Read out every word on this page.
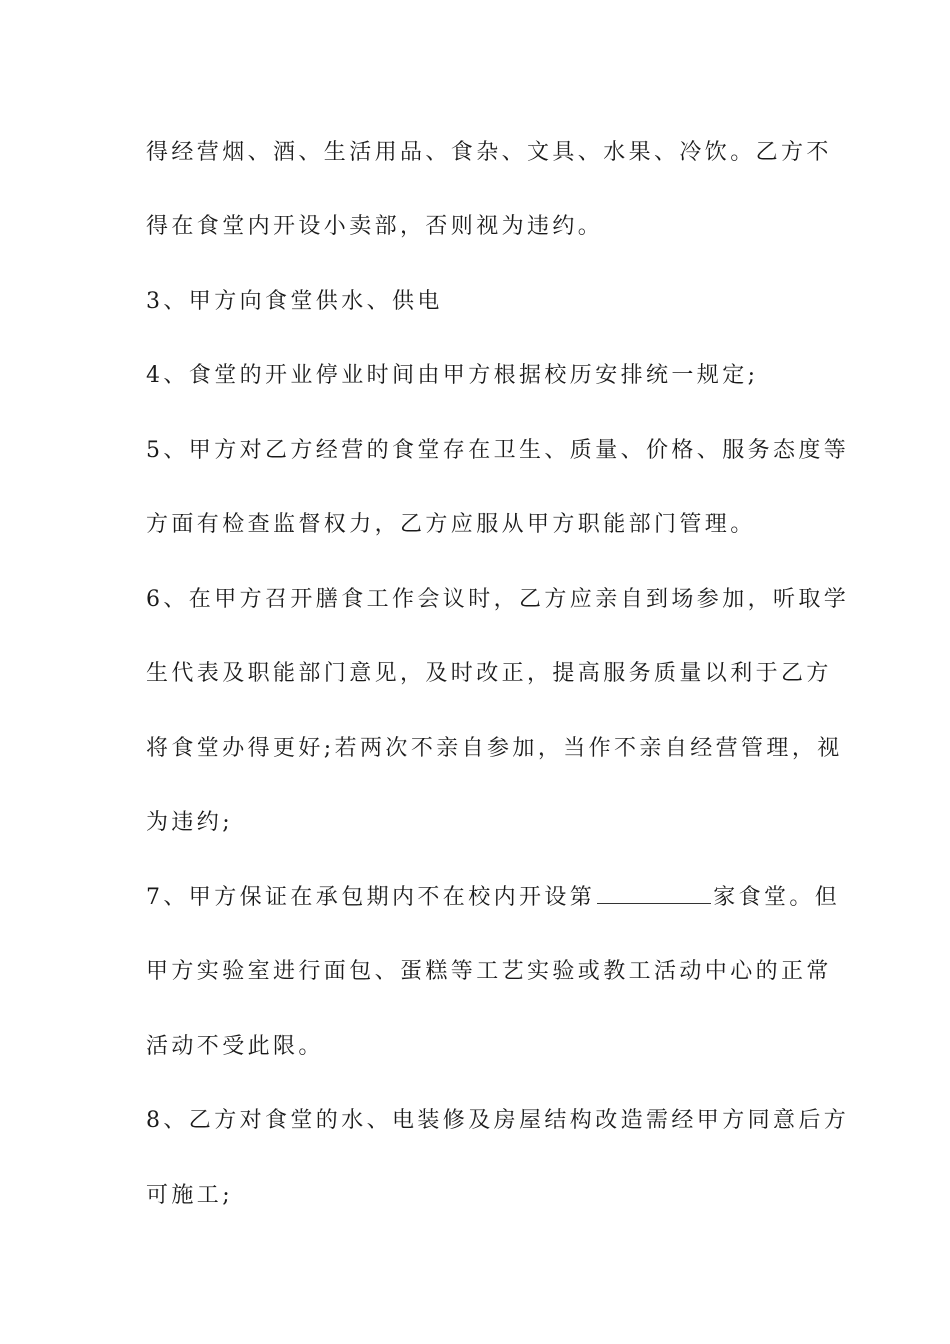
得经营烟、酒、生活用品、食杂、文具、水果、冷饮。乙方不
得在食堂内开设小卖部，否则视为违约。
3、甲方向食堂供水、供电
4、食堂的开业停业时间由甲方根据校历安排统一规定;
5、甲方对乙方经营的食堂存在卫生、质量、价格、服务态度等
方面有检查监督权力，乙方应服从甲方职能部门管理。
6、在甲方召开膳食工作会议时，乙方应亲自到场参加，听取学
生代表及职能部门意见，及时改正，提高服务质量以利于乙方
将食堂办得更好;若两次不亲自参加，当作不亲自经营管理，视
为违约;
7、甲方保证在承包期内不在校内开设第	家食堂。但
甲方实验室进行面包、蛋糕等工艺实验或教工活动中心的正常
活动不受此限。
8、乙方对食堂的水、电装修及房屋结构改造需经甲方同意后方
可施工;
